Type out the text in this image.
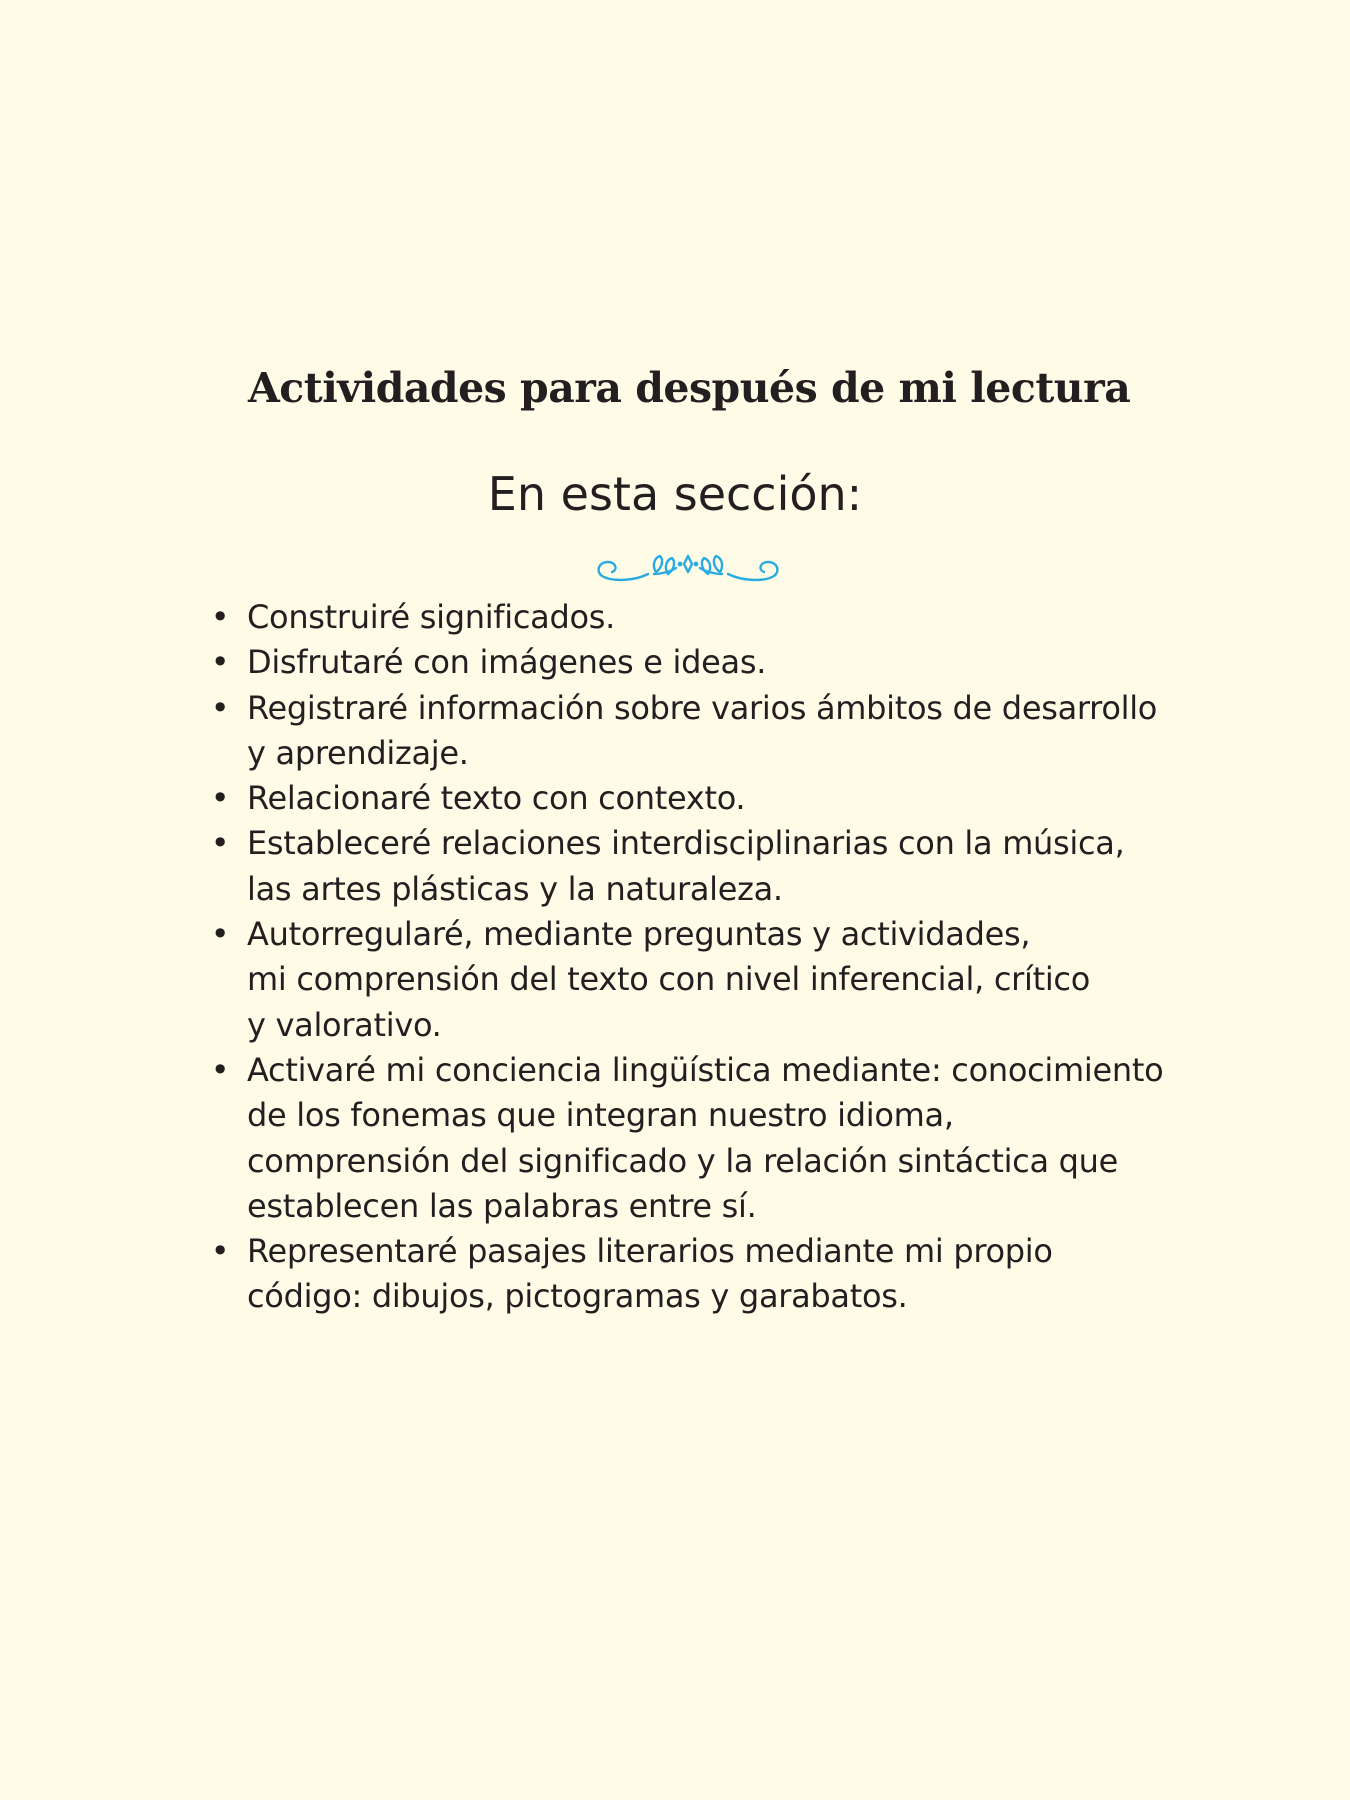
Actividades para después de mi lectura
En esta sección:
• Construiré significados.
• Disfrutaré con imágenes e ideas.
• Registraré información sobre varios ámbitos de desarrollo
y aprendizaje.
• Relacionaré texto con contexto.
• Estableceré relaciones interdisciplinarias con la música,
las artes plásticas y la naturaleza.
• Autorregularé, mediante preguntas y actividades,
mi comprensión del texto con nivel inferencial, crítico
y valorativo.
• Activaré mi conciencia lingüística mediante: conocimiento
de los fonemas que integran nuestro idioma,
comprensión del significado y la relación sintáctica que
establecen las palabras entre sí.
• Representaré pasajes literarios mediante mi propio
código: dibujos, pictogramas y garabatos.
